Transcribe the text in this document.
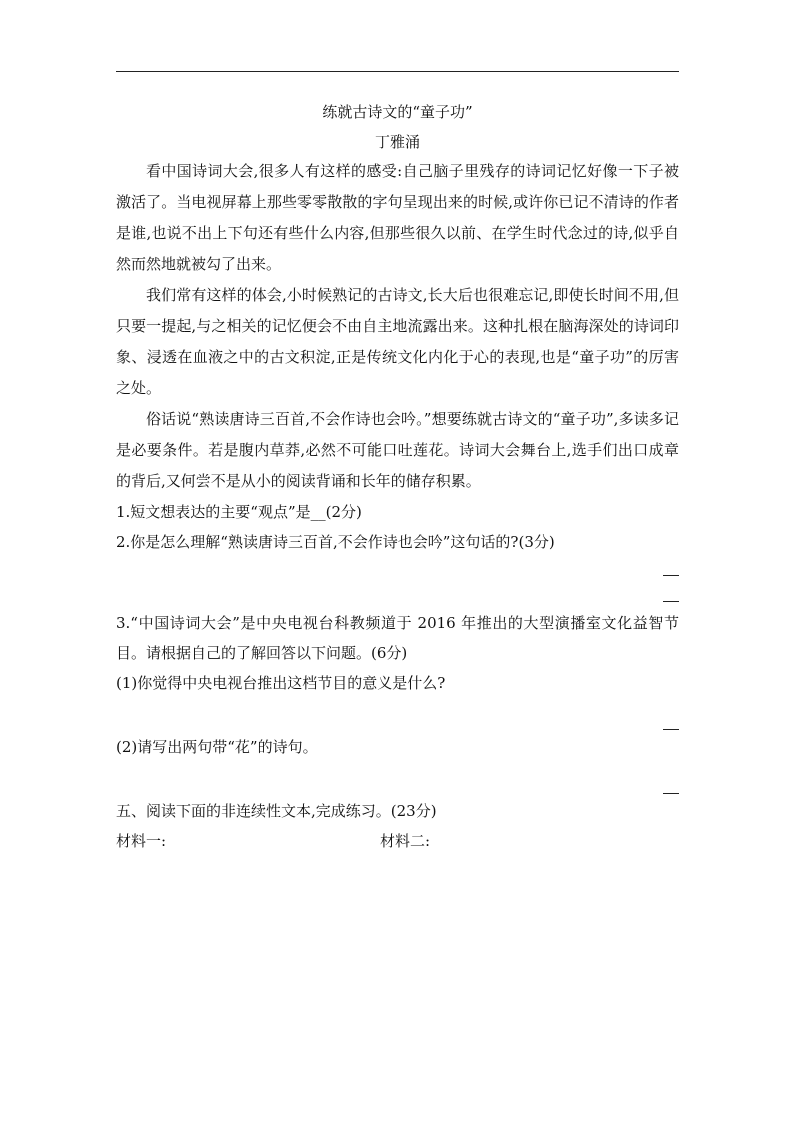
练就古诗文的“童子功”
丁雅涌

看中国诗词大会,很多人有这样的感受:自己脑子里残存的诗词记忆好像一下子被激活了。当电视屏幕上那些零零散散的字句呈现出来的时候,或许你已记不清诗的作者是谁,也说不出上下句还有些什么内容,但那些很久以前、在学生时代念过的诗,似乎自然而然地就被勾了出来。

我们常有这样的体会,小时候熟记的古诗文,长大后也很难忘记,即使长时间不用,但只要一提起,与之相关的记忆便会不由自主地流露出来。这种扎根在脑海深处的诗词印象、浸透在血液之中的古文积淀,正是传统文化内化于心的表现,也是“童子功”的厉害之处。

俗话说“熟读唐诗三百首,不会作诗也会吟。”想要练就古诗文的“童子功”,多读多记是必要条件。若是腹内草莽,必然不可能口吐莲花。诗词大会舞台上,选手们出口成章的背后,又何尝不是从小的阅读背诵和长年的储存积累。

1.短文想表达的主要“观点”是__(2分)

2.你是怎么理解“熟读唐诗三百首,不会作诗也会吟”这句话的?(3分)

3.“中国诗词大会”是中央电视台科教频道于 2016 年推出的大型演播室文化益智节目。请根据自己的了解回答以下问题。(6分)

(1)你觉得中央电视台推出这档节目的意义是什么?

(2)请写出两句带“花”的诗句。

五、阅读下面的非连续性文本,完成练习。(23分)

材料一:	材料二:
